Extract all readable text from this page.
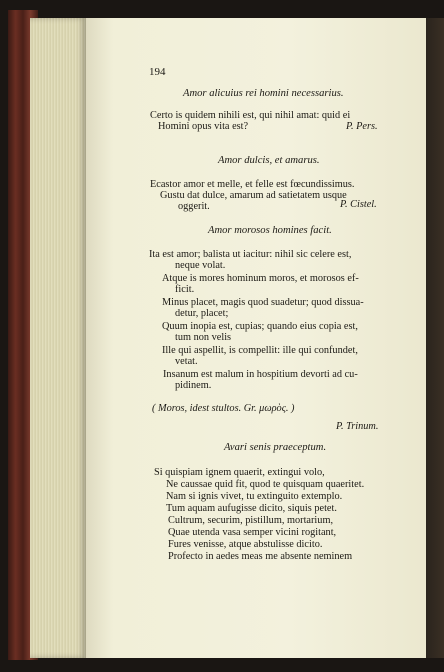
194
Amor alicuius rei homini necessarius.
Certo is quidem nihili est, qui nihil amat: quid ei
Homini opus vita est?	P. Pers.
Amor dulcis, et amarus.
Ecastor amor et melle, et felle est fœcundissimus.
Gustu dat dulce, amarum ad satietatem usque
oggerit.	P. Cistel.
Amor morosos homines facit.
Ita est amor; balista ut iacitur: nihil sic celere est,
neque volat.
Atque is mores hominum moros, et morosos ef-
ficit.
Minus placet, magis quod suadetur; quod dissua-
detur, placet;
Quum inopia est, cupias; quando eius copia est,
tum non velis
Ille qui aspellit, is compellit: ille qui confundet,
vetat.
Insanum est malum in hospitium devorti ad cu-
pidinem.
( Moros, idest stultos. Gr. μωρὸς. )
P. Trinum.
Avari senis praeceptum.
Si quispiam ignem quaerit, extingui volo,
Ne caussae quid fit, quod te quisquam quaeritet.
Nam si ignis vivet, tu extinguito extemplo.
Tum aquam aufugisse dicito, siquis petet.
Cultrum, securim, pistillum, mortarium,
Quae utenda vasa semper vicini rogitant,
Fures venisse, atque abstulisse dicito.
Profecto in aedes meas me absente neminem
